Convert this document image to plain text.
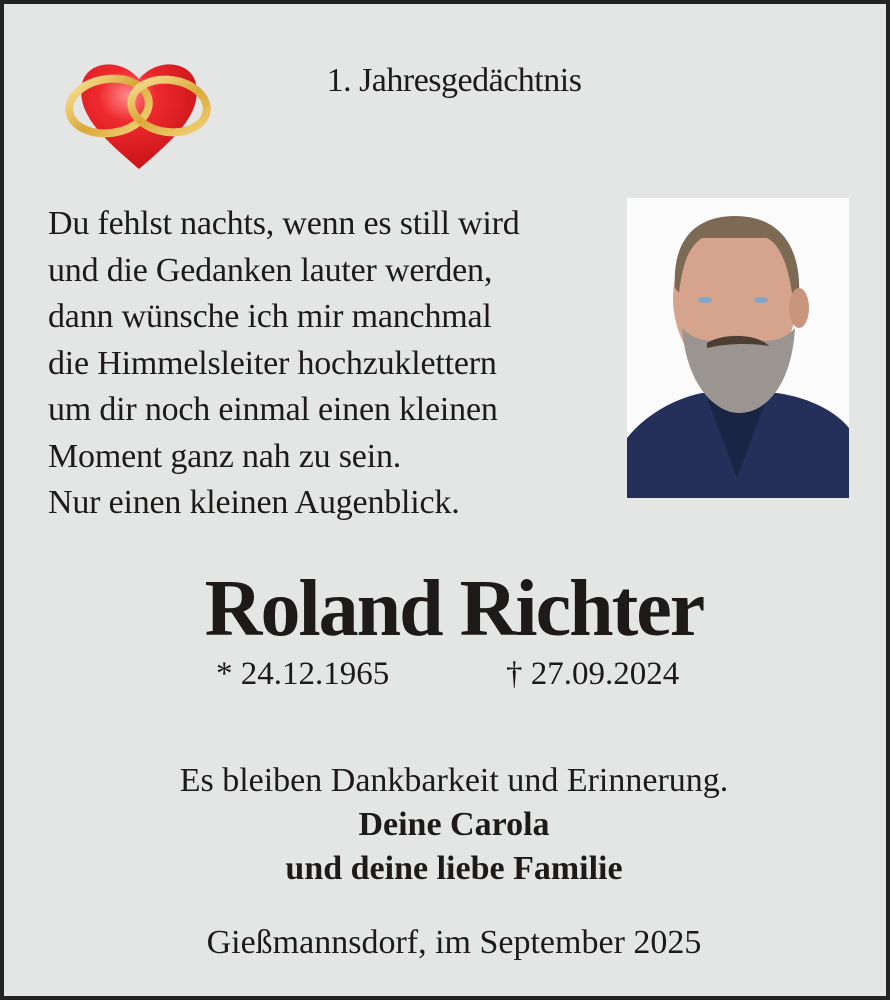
1. Jahresgedächtnis
Du fehlst nachts, wenn es still wird
und die Gedanken lauter werden,
dann wünsche ich mir manchmal
die Himmelsleiter hochzuklettern
um dir noch einmal einen kleinen
Moment ganz nah zu sein.
Nur einen kleinen Augenblick.
Roland Richter
* 24.12.1965	† 27.09.2024
Es bleiben Dankbarkeit und Erinnerung.
Deine Carola
und deine liebe Familie
Gießmannsdorf, im September 2025
